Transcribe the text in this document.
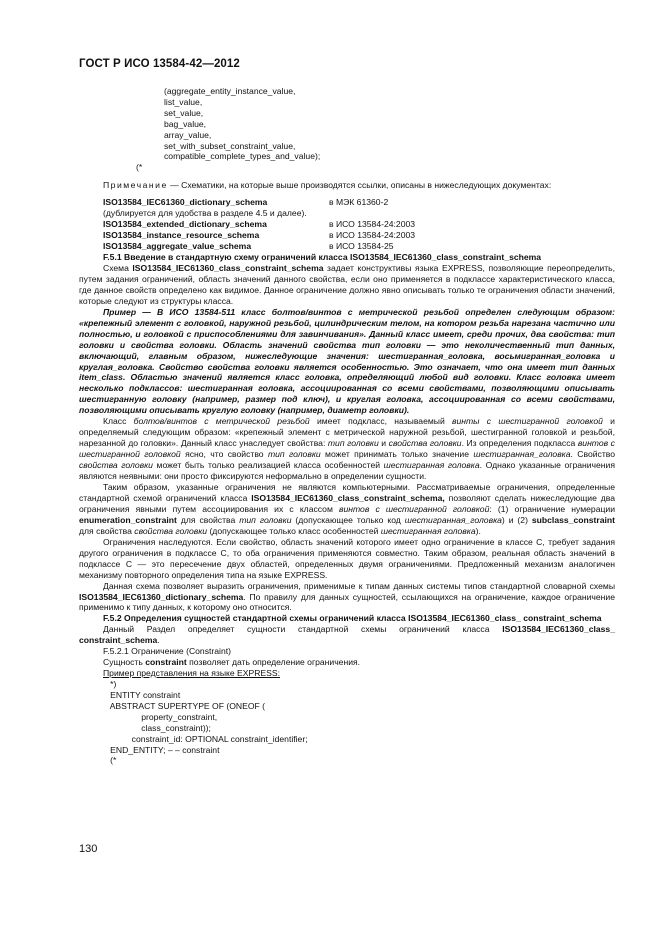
ГОСТ Р ИСО 13584-42—2012

(aggregate_entity_instance_value,
list_value,
set_value,
bag_value,
array_value,
set_with_subset_constraint_value,
compatible_complete_types_and_value);

(*

Примечание — Схематики, на которые выше производятся ссылки, описаны в нижеследующих документах:

ISO13584_IEC61360_dictionary_schema	в МЭК 61360-2

(дублируется для удобства в разделе 4.5 и далее).

ISO13584_extended_dictionary_schema	в ИСО 13584-24:2003
ISO13584_instance_resource_schema	в ИСО 13584-24:2003
ISO13584_aggregate_value_schema	в ИСО 13584-25

F.5.1 Введение в стандартную схему ограничений класса ISO13584_IEC61360_class_constraint_schema

Схема ISO13584_IEC61360_class_constraint_schema задает конструктивы языка EXPRESS, позволяющие переопределить, путем задания ограничений, область значений данного свойства, если оно применяется в подклассе характеристического класса, где данное свойств определено как видимое. Данное ограничение должно явно описывать только те ограничения области значений, которые следуют из структуры класса.

Пример — В ИСО 13584-511 класс болтов/винтов с метрической резьбой определен следующим образом: «крепежный элемент с головкой, наружной резьбой, цилиндрическим телом, на котором резьба нарезана частично или полностью, и головкой с приспособлениями для завинчивания». Данный класс имеет, среди прочих, два свойства: тип головки и свойства головки. Область значений свойства тип головки — это неколичественный тип данных, включающий, главным образом, нижеследующие значения: шестигранная_головка, восьмигранная_головка и круглая_головка. Свойство свойства головки является особенностью. Это означает, что она имеет тип данных item_class. Областью значений является класс головка, определяющий любой вид головки. Класс головка имеет несколько подклассов: шестигранная головка, ассоциированная со всеми свойствами, позволяющими описывать шестигранную головку (например, размер под ключ), и круглая головка, ассоциированная со всеми свойствами, позволяющими описывать круглую головку (например, диаметр головки).

Класс болтов/винтов с метрической резьбой имеет подкласс, называемый винты с шестигранной головкой и определяемый следующим образом: «крепежный элемент с метрической наружной резьбой, шестигранной головкой и резьбой, нарезанной до головки». Данный класс унаследует свойства: тип головки и свойства головки. Из определения подкласса винтов с шестигранной головкой ясно, что свойство тип головки может принимать только значение шестигранная_головка. Свойство свойства головки может быть только реализацией класса особенностей шестигранная головка. Однако указанные ограничения являются неявными: они просто фиксируются неформально в определении сущности.

Таким образом, указанные ограничения не являются компьютерными. Рассматриваемые ограничения, определенные стандартной схемой ограничений класса ISO13584_IEC61360_class_constraint_schema, позволяют сделать нижеследующие два ограничения явными путем ассоциирования их с классом винтов с шестигранной головкой: (1) ограничение нумерации enumeration_constraint для свойства тип головки (допускающее только код шестигранная_головка) и (2) subclass_constraint для свойства свойства головки (допускающее только класс особенностей шестигранная головка).

Ограничения наследуются. Если свойство, область значений которого имеет одно ограничение в классе С, требует задания другого ограничения в подклассе С, то оба ограничения применяются совместно. Таким образом, реальная область значений в подклассе С — это пересечение двух областей, определенных двумя ограничениями. Предложенный механизм аналогичен механизму повторного определения типа на языке EXPRESS.

Данная схема позволяет выразить ограничения, применимые к типам данных системы типов стандартной словарной схемы ISO13584_IEC61360_dictionary_schema. По правилу для данных сущностей, ссылающихся на ограничение, каждое ограничение применимо к типу данных, к которому оно относится.

F.5.2 Определения сущностей стандартной схемы ограничений класса ISO13584_IEC61360_class_ constraint_schema

Данный Раздел определяет сущности стандартной схемы ограничений класса ISO13584_IEC61360_class_ constraint_schema.

F.5.2.1 Ограничение (Constraint)

Сущность constraint позволяет дать определение ограничения.

Пример представления на языке EXPRESS:

*)
ENTITY constraint
ABSTRACT SUPERTYPE OF (ONEOF (
property_constraint,
class_constraint));
constraint_id: OPTIONAL constraint_identifier;
END_ENTITY; – – constraint
(*

130
